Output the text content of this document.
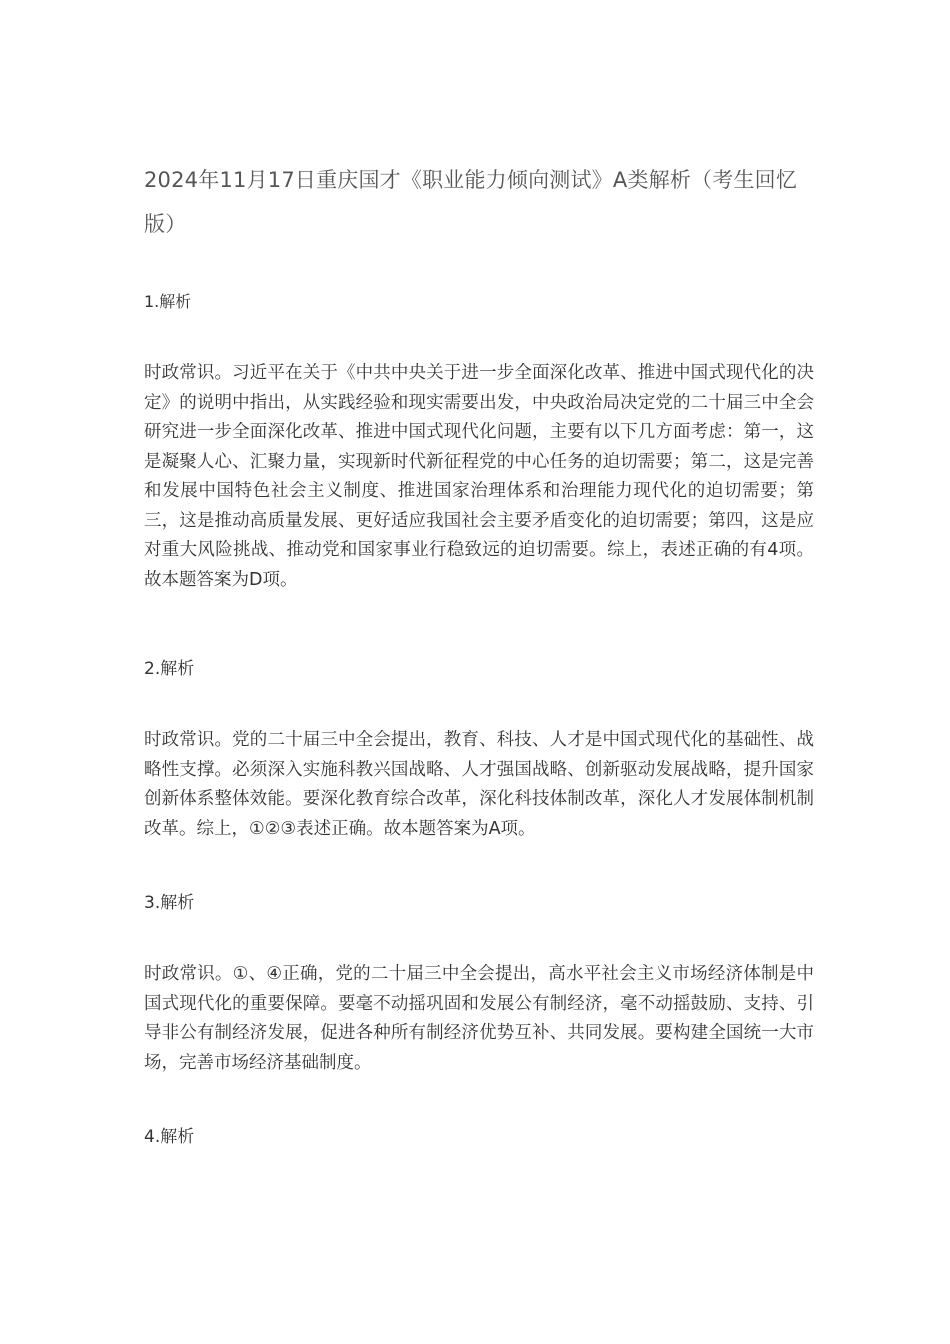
2024年11月17日重庆国才《职业能力倾向测试》A类解析（考生回忆版）
1.解析
时政常识。习近平在关于《中共中央关于进一步全面深化改革、推进中国式现代化的决定》的说明中指出，从实践经验和现实需要出发，中央政治局决定党的二十届三中全会研究进一步全面深化改革、推进中国式现代化问题，主要有以下几方面考虑：第一，这是凝聚人心、汇聚力量，实现新时代新征程党的中心任务的迫切需要；第二，这是完善和发展中国特色社会主义制度、推进国家治理体系和治理能力现代化的迫切需要；第三，这是推动高质量发展、更好适应我国社会主要矛盾变化的迫切需要；第四，这是应对重大风险挑战、推动党和国家事业行稳致远的迫切需要。综上，表述正确的有4项。故本题答案为D项。
2.解析
时政常识。党的二十届三中全会提出，教育、科技、人才是中国式现代化的基础性、战略性支撑。必须深入实施科教兴国战略、人才强国战略、创新驱动发展战略，提升国家创新体系整体效能。要深化教育综合改革，深化科技体制改革，深化人才发展体制机制改革。综上，①②③表述正确。故本题答案为A项。
3.解析
时政常识。①、④正确，党的二十届三中全会提出，高水平社会主义市场经济体制是中国式现代化的重要保障。要毫不动摇巩固和发展公有制经济，毫不动摇鼓励、支持、引导非公有制经济发展，促进各种所有制经济优势互补、共同发展。要构建全国统一大市场，完善市场经济基础制度。
4.解析
